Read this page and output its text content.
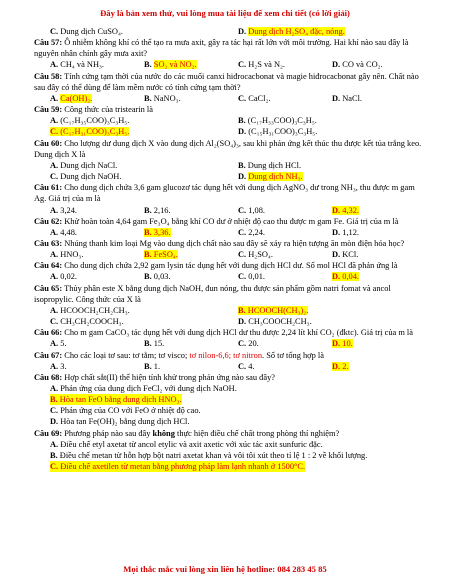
Đây là bản xem thử, vui lòng mua tài liệu để xem chi tiết (có lời giải)
C. Dung dịch CuSO₄.	D. Dung dịch H₂SO₄ đặc, nóng.
Câu 57: Ô nhiễm không khí có thể tạo ra mưa axit, gây ra tác hại rất lớn với môi trường. Hai khí nào sau đây là nguyên nhân chính gây mưa axit?
A. CH₄ và NH₃.	B. SO₂ và NO₂.	C. H₂S và N₂.	D. CO và CO₂.
Câu 58: Tính cứng tạm thời của nước do các muối canxi hiđrocacbonat và magie hiđrocacbonat gây nên. Chất nào sau đây có thể dùng để làm mềm nước có tính cứng tạm thời?
A. Ca(OH)₂.	B. NaNO₃.	C. CaCl₂.	D. NaCl.
Câu 59: Công thức của tristearin là
A. (C₁₇H₃₅COO)₃C₃H₅.	B. (C₁₇H₃₃COO)₃C₃H₅.
C. (C₁₇H₃₁COO)₃C₃H₅.	D. (C₁₅H₃₁COO)₃C₃H₅.
Câu 60: Cho lượng dư dung dịch X vào dung dịch Al₂(SO₄)₃, sau khi phản ứng kết thúc thu được kết tủa trắng keo. Dung dịch X là
A. Dung dịch NaCl.	B. Dung dịch HCl.
C. Dung dịch NaOH.	D. Dung dịch NH₃.
Câu 61: Cho dung dịch chứa 3,6 gam glucozơ tác dụng hết với dung dịch AgNO₃ dư trong NH₃, thu được m gam Ag. Giá trị của m là
A. 3,24.	B. 2,16.	C. 1,08.	D. 4,32.
Câu 62: Khử hoàn toàn 4,64 gam Fe₃O₄ bằng khí CO dư ở nhiệt độ cao thu được m gam Fe. Giá trị của m là
A. 4,48.	B. 3,36.	C. 2,24.	D. 1,12.
Câu 63: Nhúng thanh kim loại Mg vào dung dịch chất nào sau đây sẽ xảy ra hiện tượng ăn mòn điện hóa học?
A. HNO₃.	B. FeSO₄.	C. H₂SO₄.	D. KCl.
Câu 64: Cho dung dịch chứa 2,92 gam lysin tác dụng hết với dung dịch HCl dư. Số mol HCl đã phản ứng là
A. 0,02.	B. 0,03.	C. 0,01.	D. 0,04.
Câu 65: Thủy phân este X bằng dung dịch NaOH, đun nóng, thu được sản phẩm gồm natri fomat và ancol isopropylic. Công thức của X là
A. HCOOCH₂CH₂CH₃.	B. HCOOCH(CH₃)₂.
C. CH₃CH₂COOCH₃.	D. CH₃COOCH₂CH₃.
Câu 66: Cho m gam CaCO₃ tác dụng hết với dung dịch HCl dư thu được 2,24 lít khí CO₂ (đktc). Giá trị của m là
A. 5.	B. 15.	C. 20.	D. 10.
Câu 67: Cho các loại tơ sau: tơ tằm; tơ visco; tơ nilon-6,6; tơ nitron. Số tơ tổng hợp là
A. 3.	B. 1.	C. 4.	D. 2.
Câu 68: Hợp chất sắt(II) thể hiện tính khử trong phản ứng nào sau đây?
A.
Phản ứng của dung dịch FeCl₂ với dung dịch NaOH.
B. Hòa tan FeO bằng dung dịch HNO₃.
C.
Phản ứng của CO với FeO ở nhiệt độ cao.
D.
Hòa tan Fe(OH)₂ bằng dung dịch HCl.
Câu 69: Phương pháp nào sau đây không thực hiện điều chế chất trong phòng thí nghiệm?
A.
Điều chế etyl axetat từ ancol etylic và axit axetic với xúc tác axit sunfuric đặc.
B.
Điều chế metan từ hỗn hợp bột natri axetat khan và vôi tôi xút theo tỉ lệ 1 : 2 về khối lượng.
C. Điều chế axetilen từ metan bằng phương pháp làm lạnh nhanh ở 1500°C.
Mọi thắc mắc vui lòng xin liên hệ hotline: 084 283 45 85
